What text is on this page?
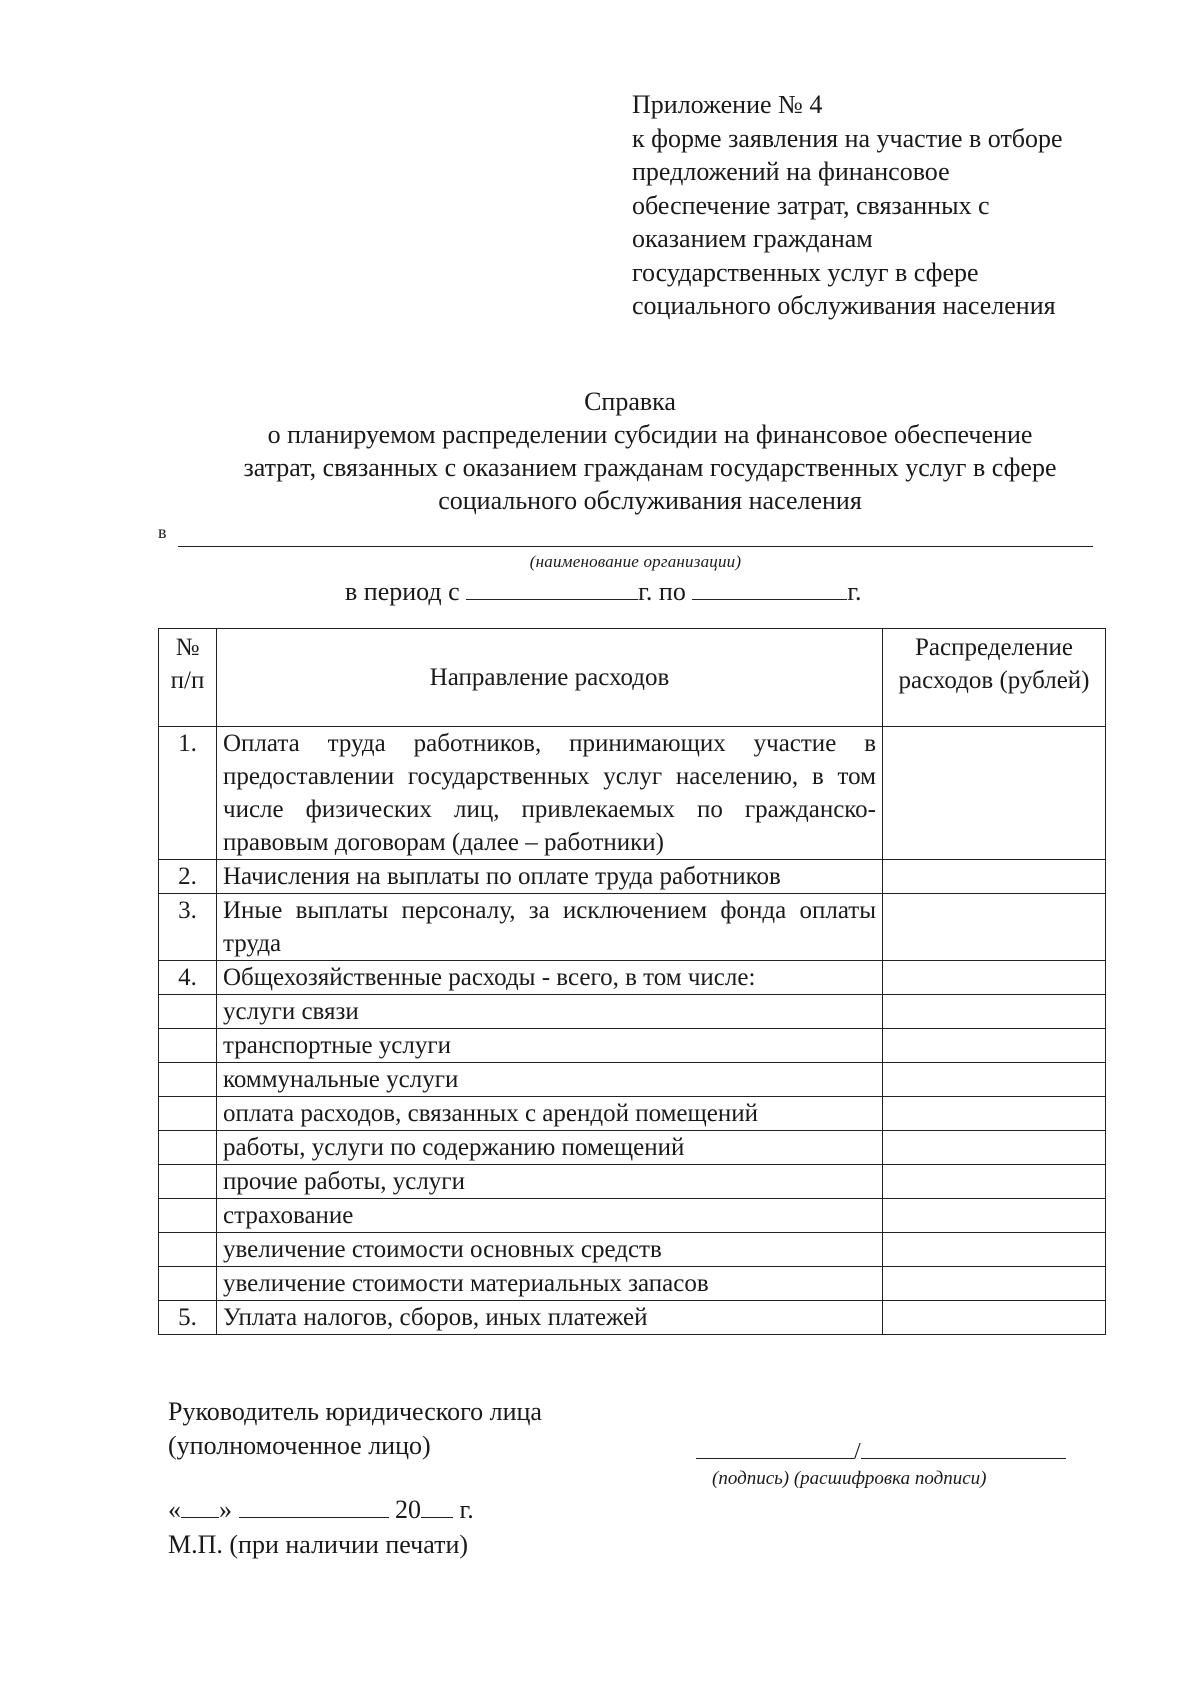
Приложение № 4
к форме заявления на участие в отборе
предложений на финансовое
обеспечение затрат, связанных с
оказанием гражданам
государственных услуг в сфере
социального обслуживания населения
Справка
о планируемом распределении субсидии на финансовое обеспечение
затрат, связанных с оказанием гражданам государственных услуг в сфере
социального обслуживания населения
в
(наименование организации)
в период с	г. по	г.
№ п/п	Направление расходов	Распределение расходов (рублей)
1.	Оплата труда работников, принимающих участие в предоставлении государственных услуг населению, в том числе физических лиц, привлекаемых по гражданско-правовым договорам (далее – работники)	
2.	Начисления на выплаты по оплате труда работников	
3.	Иные выплаты персоналу, за исключением фонда оплаты труда	
4.	Общехозяйственные расходы - всего, в том числе:	
	услуги связи	
	транспортные услуги	
	коммунальные услуги	
	оплата расходов, связанных с арендой помещений	
	работы, услуги по содержанию помещений	
	прочие работы, услуги	
	страхование	
	увеличение стоимости основных средств	
	увеличение стоимости материальных запасов	
5.	Уплата налогов, сборов, иных платежей	
Руководитель юридического лица
(уполномоченное лицо)	/
(подпись) (расшифровка подписи)
« »	20 г.
М.П. (при наличии печати)
